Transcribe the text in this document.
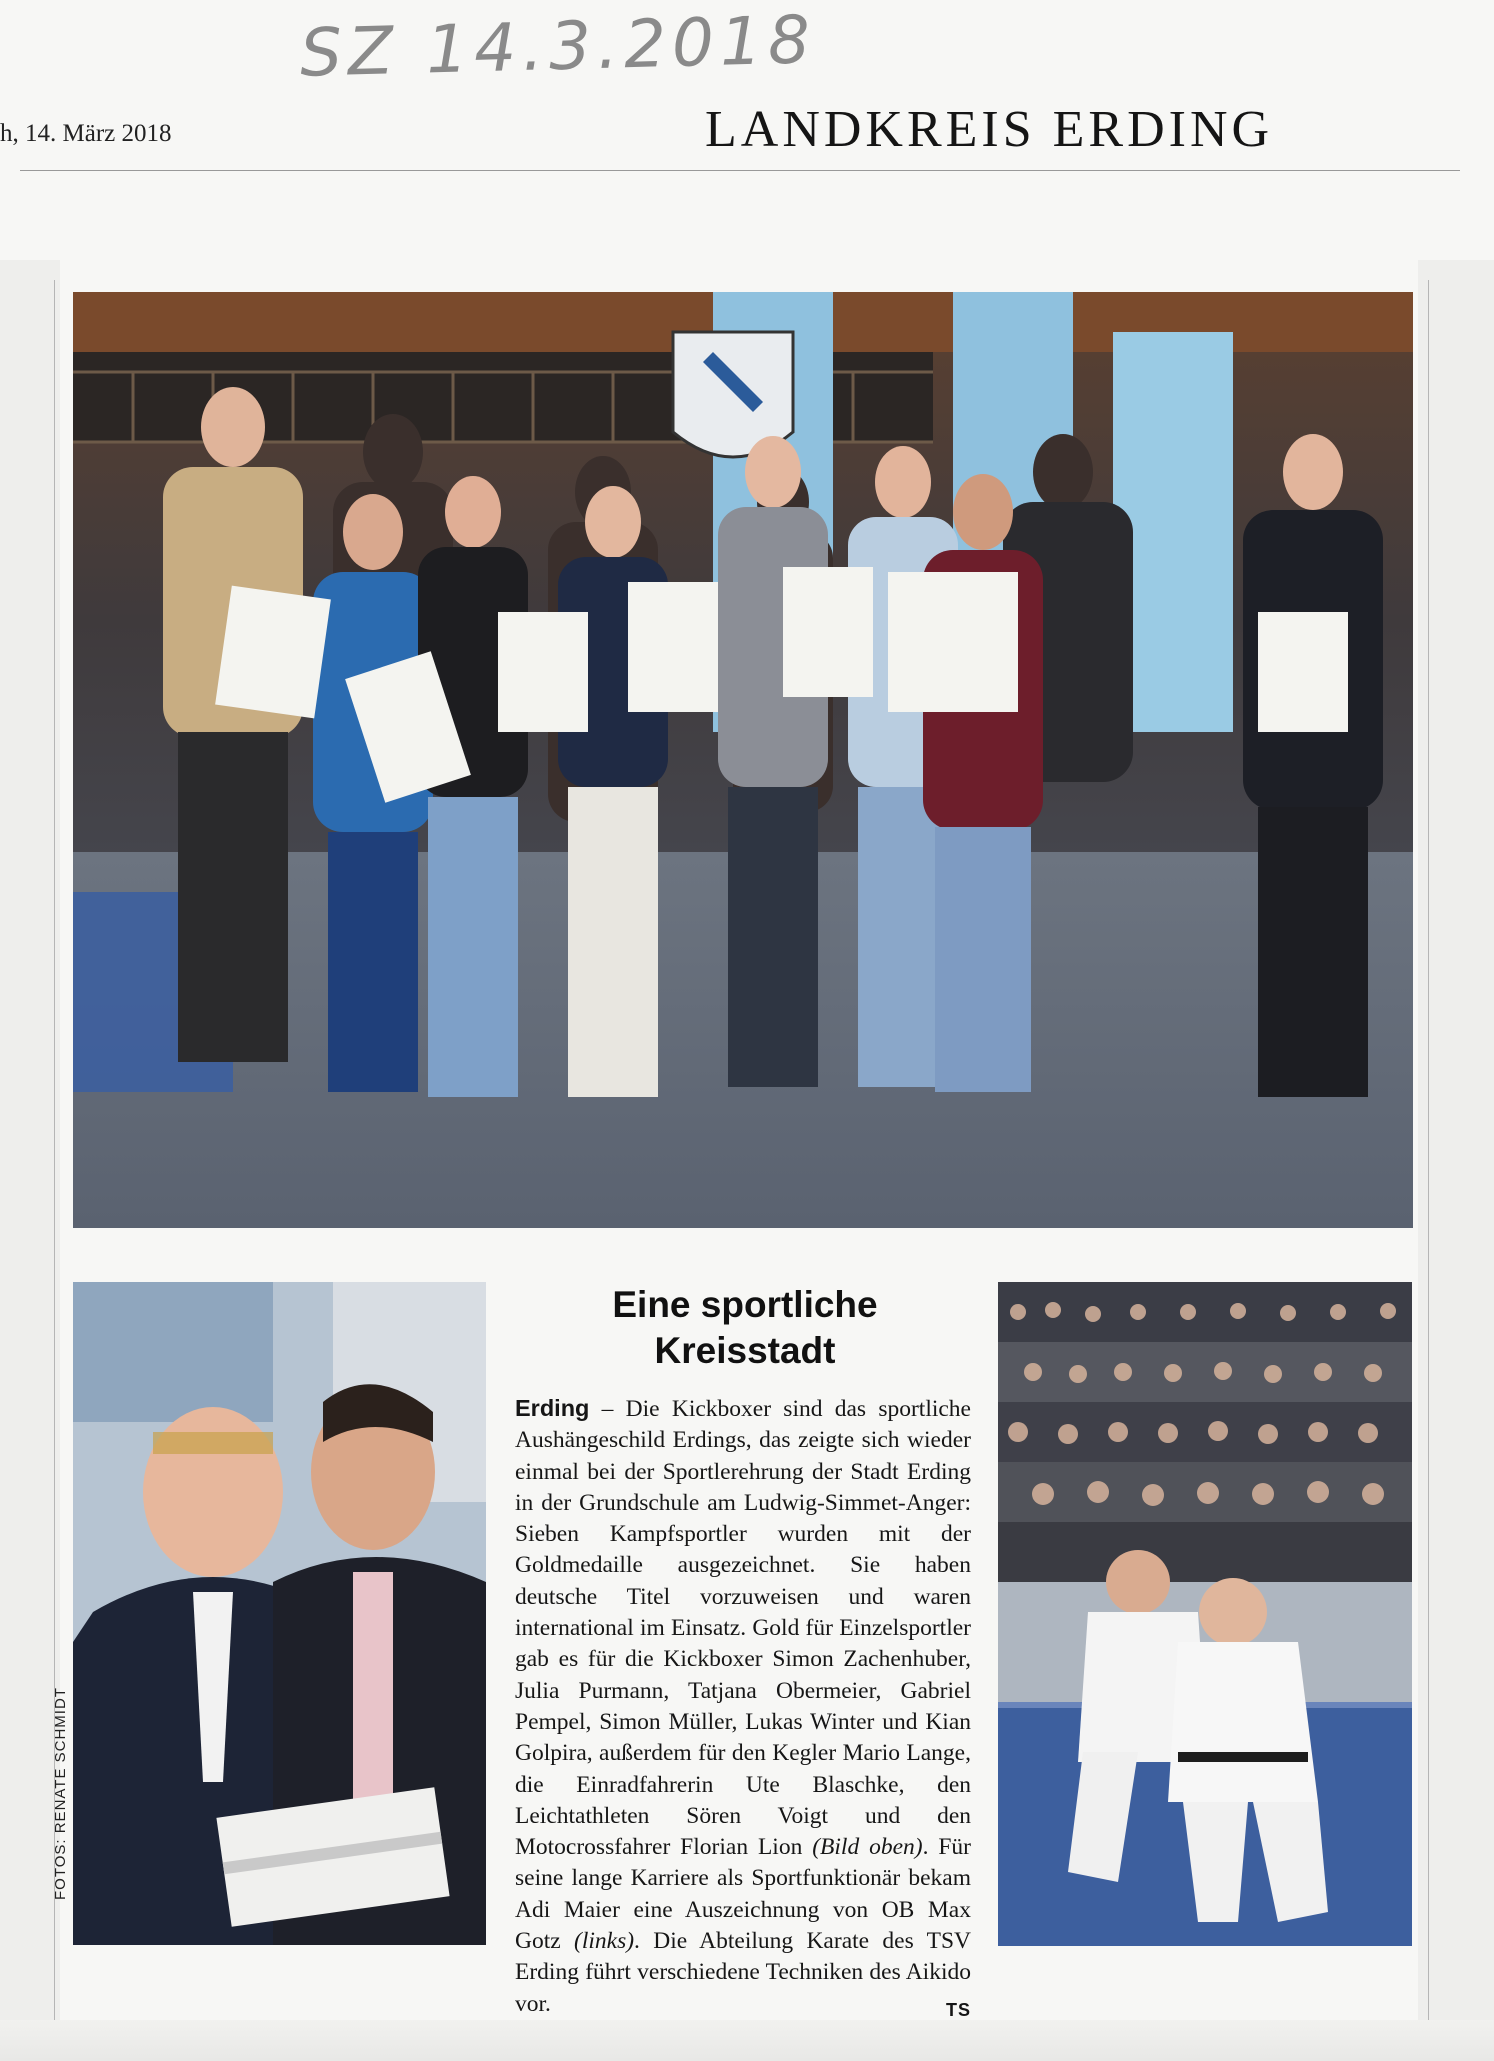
SZ 14.3.2018
h, 14. März 2018	LANDKREIS ERDING
FOTOS: RENATE SCHMIDT
Eine sportliche
Kreisstadt
Erding – Die Kickboxer sind das sportliche Aushängeschild Erdings, das zeigte sich wieder einmal bei der Sportlerehrung der Stadt Erding in der Grundschule am Ludwig-Simmet-Anger: Sieben Kampfsportler wurden mit der Goldmedaille ausgezeichnet. Sie haben deutsche Titel vorzuweisen und waren international im Einsatz. Gold für Einzelsportler gab es für die Kickboxer Simon Zachenhuber, Julia Purmann, Tatjana Obermeier, Gabriel Pempel, Simon Müller, Lukas Winter und Kian Golpira, außerdem für den Kegler Mario Lange, die Einradfahrerin Ute Blaschke, den Leichtathleten Sören Voigt und den Motocrossfahrer Florian Lion (Bild oben). Für seine lange Karriere als Sportfunktionär bekam Adi Maier eine Auszeichnung von OB Max Gotz (links). Die Abteilung Karate des TSV Erding führt verschiedene Techniken des Aikido vor.	TS
